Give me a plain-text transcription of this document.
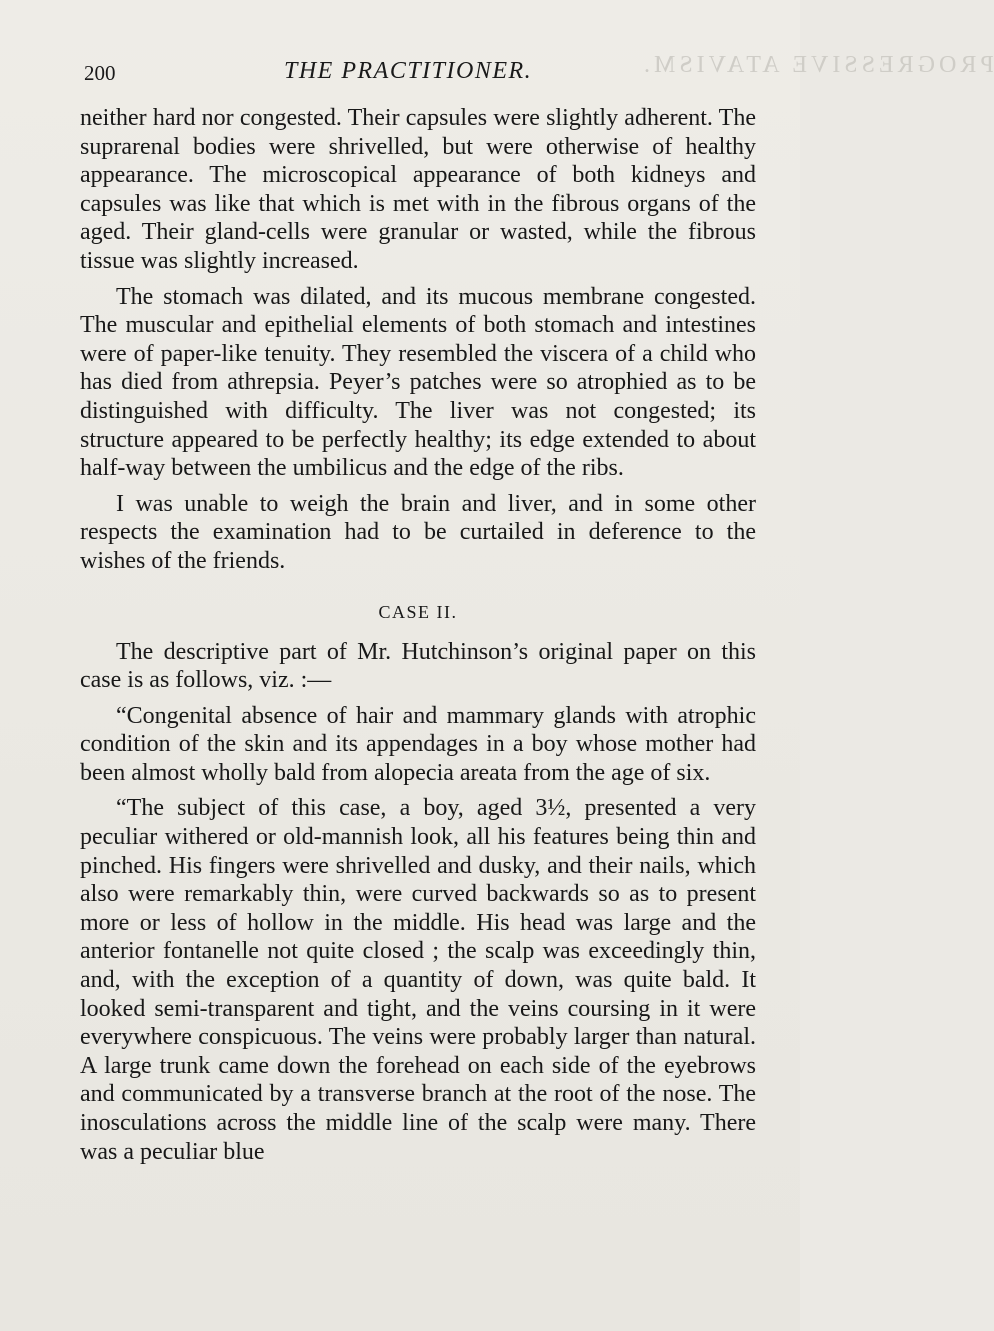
PROGRESSIVE ATAVISM.
200	THE PRACTITIONER.

neither hard nor congested. Their capsules were slightly adherent. The suprarenal bodies were shrivelled, but were otherwise of healthy appearance. The microscopical appearance of both kidneys and capsules was like that which is met with in the fibrous organs of the aged. Their gland-cells were granular or wasted, while the fibrous tissue was slightly increased.

The stomach was dilated, and its mucous membrane congested. The muscular and epithelial elements of both stomach and intestines were of paper-like tenuity. They resembled the viscera of a child who has died from athrepsia. Peyer’s patches were so atrophied as to be distinguished with difficulty. The liver was not congested; its structure appeared to be perfectly healthy; its edge extended to about half-way between the umbilicus and the edge of the ribs.

I was unable to weigh the brain and liver, and in some other respects the examination had to be curtailed in deference to the wishes of the friends.

CASE II.

The descriptive part of Mr. Hutchinson’s original paper on this case is as follows, viz. :—

“Congenital absence of hair and mammary glands with atrophic condition of the skin and its appendages in a boy whose mother had been almost wholly bald from alopecia areata from the age of six.

“The subject of this case, a boy, aged 3½, presented a very peculiar withered or old-mannish look, all his features being thin and pinched. His fingers were shrivelled and dusky, and their nails, which also were remarkably thin, were curved backwards so as to present more or less of hollow in the middle. His head was large and the anterior fontanelle not quite closed ; the scalp was exceedingly thin, and, with the exception of a quantity of down, was quite bald. It looked semi-transparent and tight, and the veins coursing in it were everywhere conspicuous. The veins were probably larger than natural. A large trunk came down the forehead on each side of the eyebrows and communicated by a transverse branch at the root of the nose. The inosculations across the middle line of the scalp were many. There was a peculiar blue
